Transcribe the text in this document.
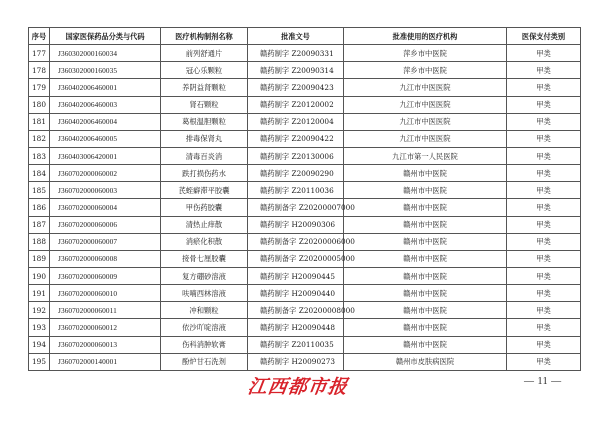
序号	国家医保药品分类与代码	医疗机构制剂名称	批准文号	批准使用的医疗机构	医保支付类别
177	J360302000160034	前列舒通片	赣药制字 Z20090331	萍乡市中医院	甲类
178	J360302000160035	冠心乐颗粒	赣药制字 Z20090314	萍乡市中医院	甲类
179	J360402006460001	养阴益肾颗粒	赣药制字 Z20090423	九江市中医医院	甲类
180	J360402006460003	肾石颗粒	赣药制字 Z20120002	九江市中医医院	甲类
181	J360402006460004	葛根温胆颗粒	赣药制字 Z20120004	九江市中医医院	甲类
182	J360402006460005	排毒保肾丸	赣药制字 Z20090422	九江市中医医院	甲类
183	J360403006420001	清毒百炎消	赣药制字 Z20130006	九江市第一人民医院	甲类
184	J360702000060002	跌打损伤药水	赣药制字 Z20090290	赣州市中医院	甲类
185	J360702000060003	芪蛭癖滞平胶囊	赣药制字 Z20110036	赣州市中医院	甲类
186	J360702000060004	甲伤药胶囊	赣药制备字 Z20200007000	赣州市中医院	甲类
187	J360702000060006	清热止痒散	赣药制字 H20090306	赣州市中医院	甲类
188	J360702000060007	消瘀化积散	赣药制备字 Z20200006000	赣州市中医院	甲类
189	J360702000060008	接骨七厘胶囊	赣药制备字 Z20200005000	赣州市中医院	甲类
190	J360702000060009	复方硼砂溶液	赣药制字 H20090445	赣州市中医院	甲类
191	J360702000060010	呋喃西林溶液	赣药制字 H20090440	赣州市中医院	甲类
192	J360702000060011	冲和颗粒	赣药制备字 Z20200008000	赣州市中医院	甲类
193	J360702000060012	依沙吖啶溶液	赣药制字 H20090448	赣州市中医院	甲类
194	J360702000060013	伤科消肿软膏	赣药制字 Z20110035	赣州市中医院	甲类
195	J360702000140001	酚炉甘石洗剂	赣药制字 H20090273	赣州市皮肤病医院	甲类
江西都市报	— 11 —
